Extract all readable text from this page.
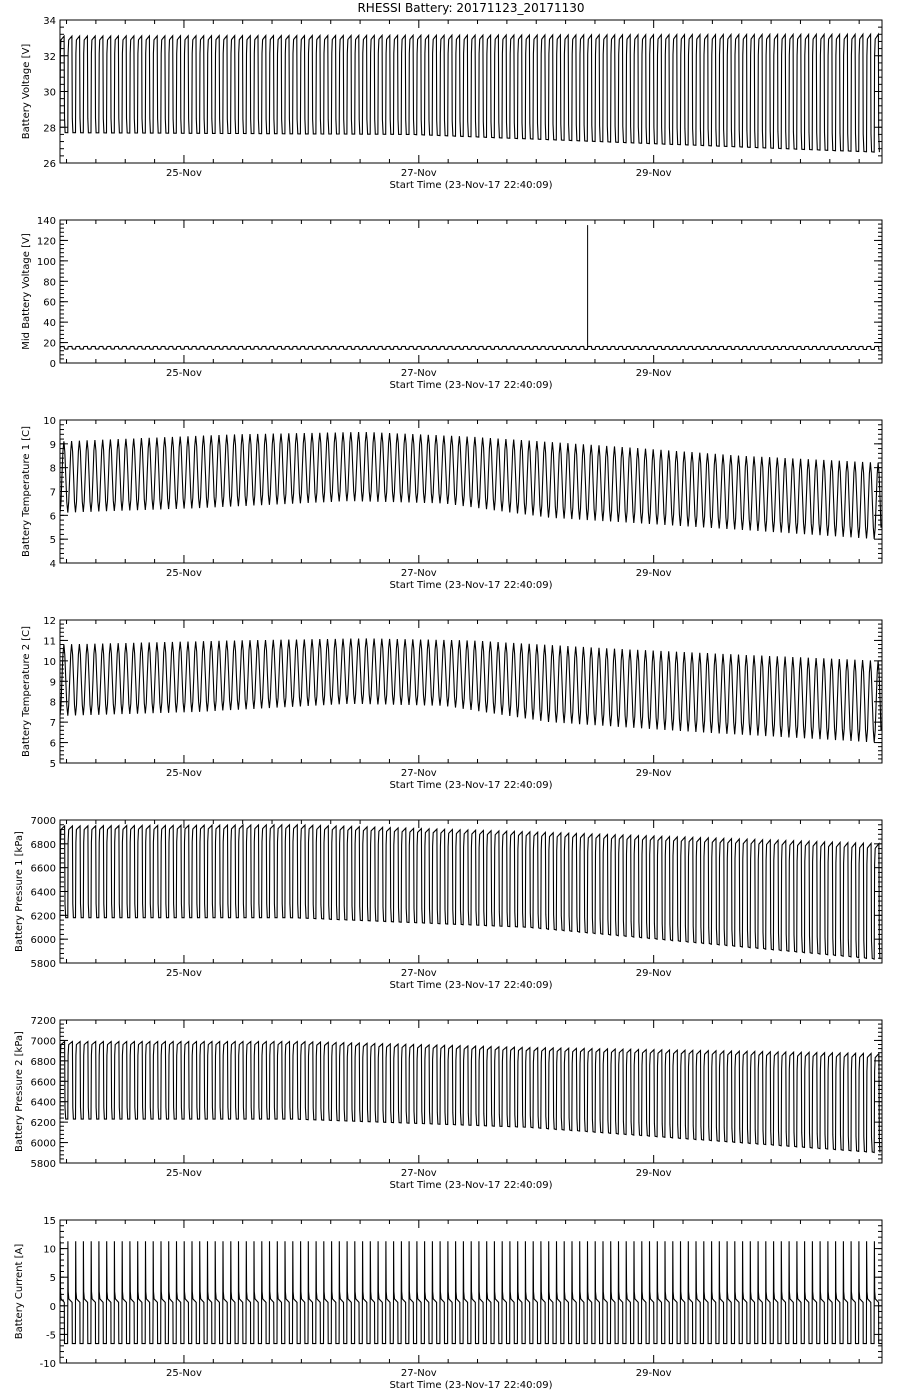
RHESSI Battery: 20171123_20171130
26
28
30
32
34
25-Nov	27-Nov	29-Nov
Start Time (23-Nov-17 22:40:09)
Battery Voltage [V]
0
20
40
60
80
100
120
140
25-Nov	27-Nov	29-Nov
Start Time (23-Nov-17 22:40:09)
Mid Battery Voltage [V]
4
5
6
7
8
9
10
25-Nov	27-Nov	29-Nov
Start Time (23-Nov-17 22:40:09)
Battery Temperature 1 [C]
5
6
7
8
9
10
11
12
25-Nov	27-Nov	29-Nov
Start Time (23-Nov-17 22:40:09)
Battery Temperature 2 [C]
5800
6000
6200
6400
6600
6800
7000
25-Nov	27-Nov	29-Nov
Start Time (23-Nov-17 22:40:09)
Battery Pressure 1 [kPa]
5800
6000
6200
6400
6600
6800
7000
7200
25-Nov	27-Nov	29-Nov
Start Time (23-Nov-17 22:40:09)
Battery Pressure 2 [kPa]
-10
-5
0
5
10
15
25-Nov	27-Nov	29-Nov
Start Time (23-Nov-17 22:40:09)
Battery Current [A]
